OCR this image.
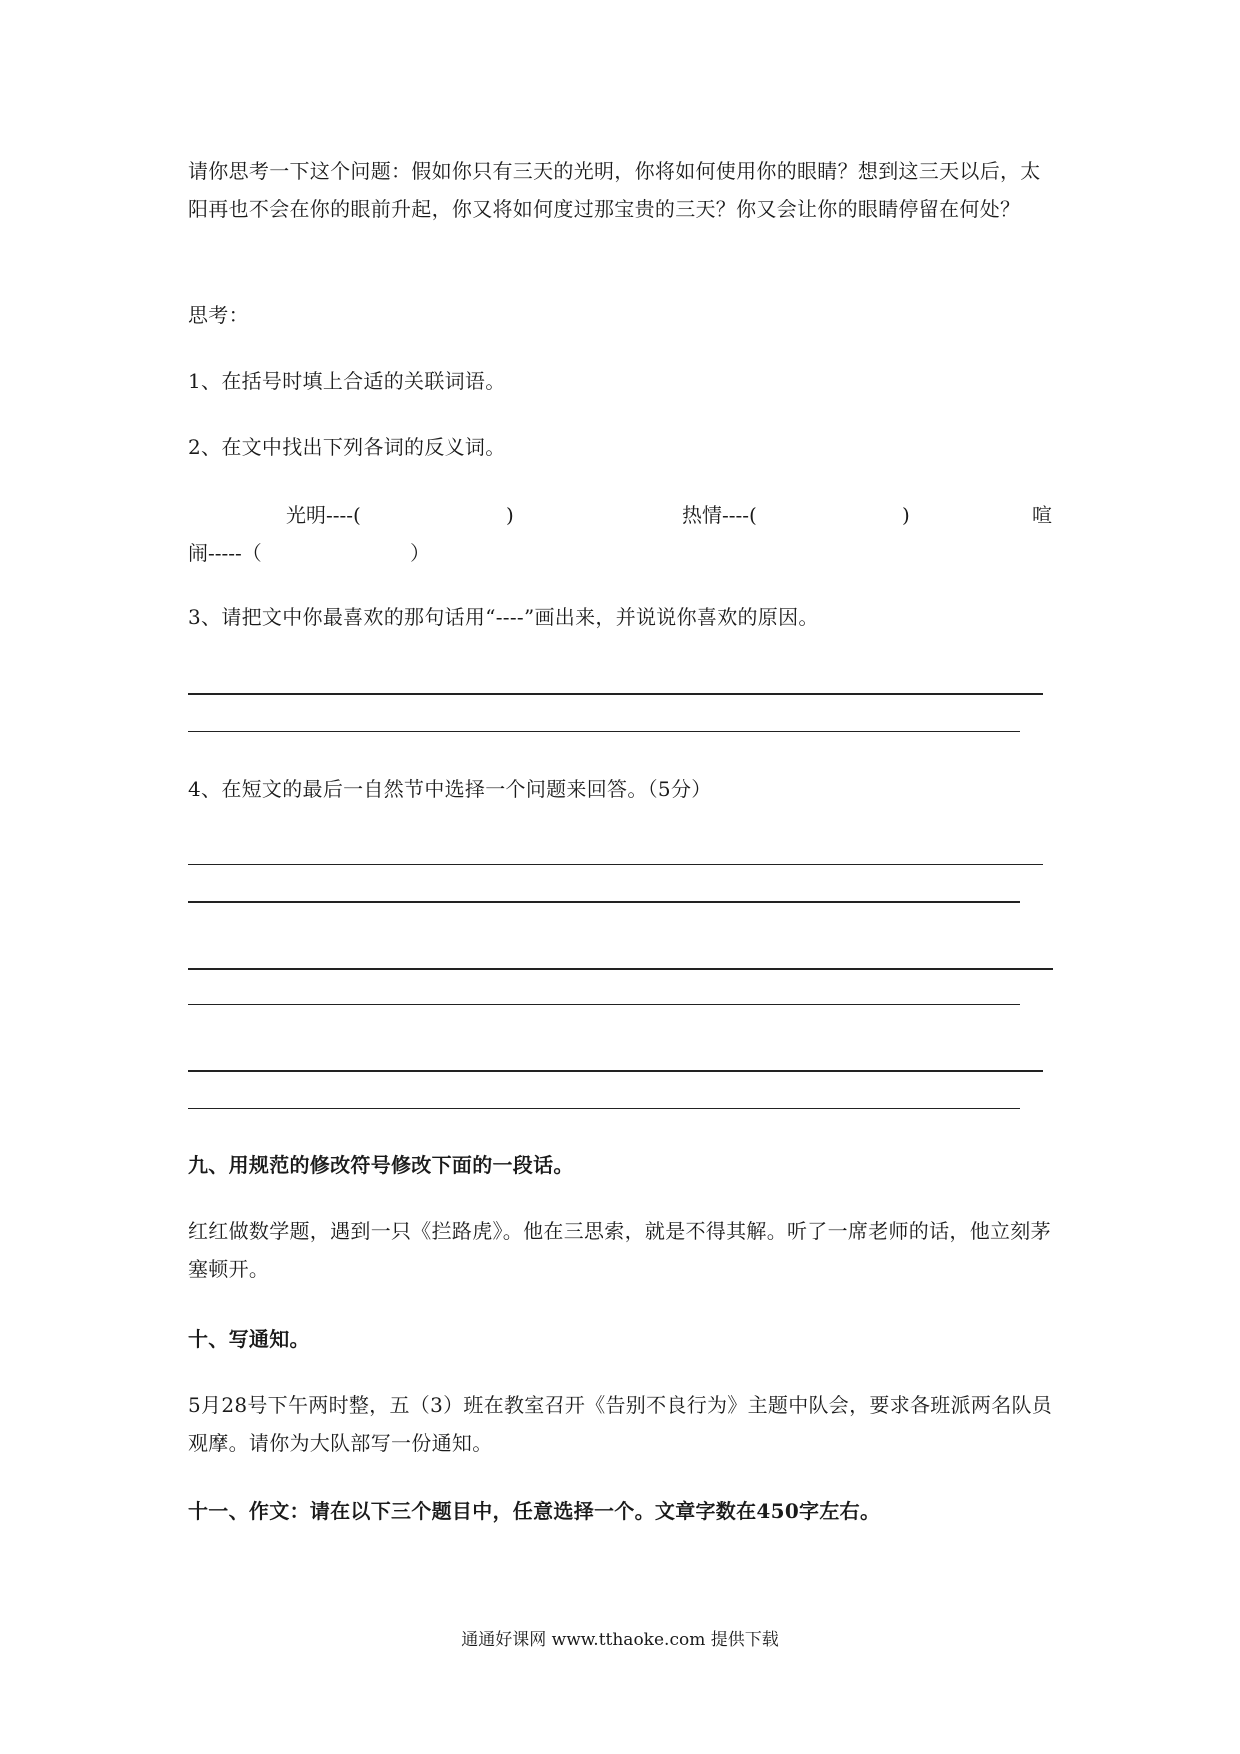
请你思考一下这个问题：假如你只有三天的光明，你将如何使用你的眼睛？想到这三天以后，太阳再也不会在你的眼前升起，你又将如何度过那宝贵的三天？你又会让你的眼睛停留在何处？
思考：
1、在括号时填上合适的关联词语。
2、在文中找出下列各词的反义词。
光明----(	)	热情----(	)	喧
闹-----（	）
3、请把文中你最喜欢的那句话用“----”画出来，并说说你喜欢的原因。
4、在短文的最后一自然节中选择一个问题来回答。（5分）
九、用规范的修改符号修改下面的一段话。
红红做数学题，遇到一只《拦路虎》。他在三思索，就是不得其解。听了一席老师的话，他立刻茅塞顿开。
十、写通知。
5月28号下午两时整，五（3）班在教室召开《告别不良行为》主题中队会，要求各班派两名队员观摩。请你为大队部写一份通知。
十一、作文：请在以下三个题目中，任意选择一个。文章字数在450字左右。
通通好课网 www.tthaoke.com 提供下载
